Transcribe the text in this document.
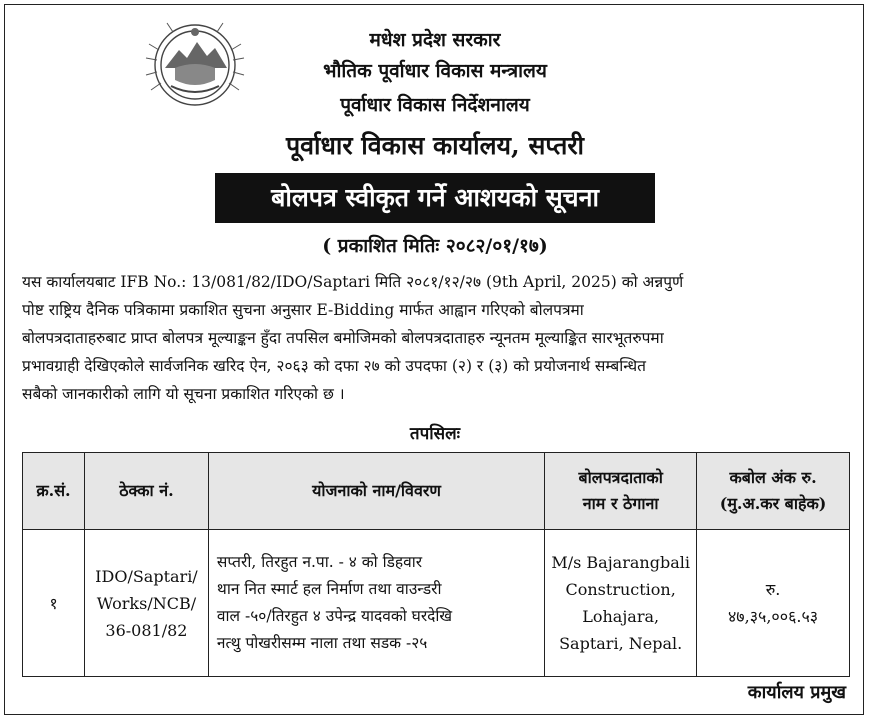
मधेश प्रदेश सरकार
भौतिक पूर्वाधार विकास मन्त्रालय
पूर्वाधार विकास निर्देशनालय
पूर्वाधार विकास कार्यालय, सप्तरी
बोलपत्र स्वीकृत गर्ने आशयको सूचना
( प्रकाशित मितिः २०८२/०१/१७)
यस कार्यालयबाट IFB No.: 13/081/82/IDO/Saptari मिति २०८१/१२/२७ (9th April, 2025) को अन्नपुर्ण
पोष्ट राष्ट्रिय दैनिक पत्रिकामा प्रकाशित सुचना अनुसार E-Bidding मार्फत आह्वान गरिएको बोलपत्रमा
बोलपत्रदाताहरुबाट प्राप्त बोलपत्र मूल्याङ्कन हुँदा तपसिल बमोजिमको बोलपत्रदाताहरु न्यूनतम मूल्याङ्कित सारभूतरुपमा
प्रभावग्राही देखिएकोले सार्वजनिक खरिद ऐन, २०६३ को दफा २७ को उपदफा (२) र (३) को प्रयोजनार्थ सम्बन्धित
सबैको जानकारीको लागि यो सूचना प्रकाशित गरिएको छ ।
तपसिलः
क्र.सं.	ठेक्का नं.	योजनाको नाम/विवरण	बोलपत्रदाताको
नाम र ठेगाना	कबोल अंक रु.
(मु.अ.कर बाहेक)

१	IDO/Saptari/
Works/NCB/
36-081/82	सप्तरी, तिरहुत न.पा. - ४ को डिहवार
थान नित स्मार्ट हल निर्माण तथा वाउन्डरी
वाल -५०/तिरहुत ४ उपेन्द्र यादवको घरदेखि
नत्थु पोखरीसम्म नाला तथा सडक -२५	M/s Bajarangbali
Construction,
Lohajara,
Saptari, Nepal.	रु.
४७,३५,००६.५३
कार्यालय प्रमुख
